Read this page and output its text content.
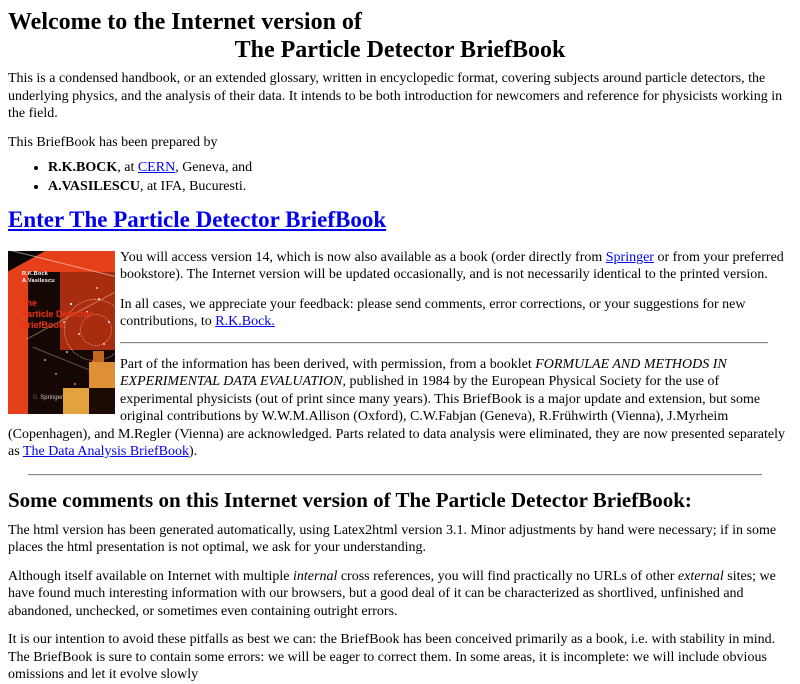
Welcome to the Internet version of
The Particle Detector BriefBook

This is a condensed handbook, or an extended glossary, written in encyclopedic format, covering subjects around particle detectors, the underlying physics, and the analysis of their data. It intends to be both introduction for newcomers and reference for physicists working in the field.

This BriefBook has been prepared by

• R.K.BOCK, at CERN, Geneva, and
• A.VASILESCU, at IFA, Bucuresti.
Enter The Particle Detector BriefBook
R.K.Bock
A.Vasilescu
The
Particle Detector
BriefBook
♘ Springer

You will access version 14, which is now also available as a book (order directly from Springer or from your preferred bookstore). The Internet version will be updated occasionally, and is not necessarily identical to the printed version.

In all cases, we appreciate your feedback: please send comments, error corrections, or your suggestions for new contributions, to R.K.Bock.

Part of the information has been derived, with permission, from a booklet FORMULAE AND METHODS IN EXPERIMENTAL DATA EVALUATION, published in 1984 by the European Physical Society for the use of experimental physicists (out of print since many years). This BriefBook is a major update and extension, but some original contributions by W.W.M.Allison (Oxford), C.W.Fabjan (Geneva), R.Frühwirth (Vienna), J.Myrheim (Copenhagen), and M.Regler (Vienna) are acknowledged. Parts related to data analysis were eliminated, they are now presented separately as The Data Analysis BriefBook).

Some comments on this Internet version of The Particle Detector BriefBook:

The html version has been generated automatically, using Latex2html version 3.1. Minor adjustments by hand were necessary; if in some places the html presentation is not optimal, we ask for your understanding.

Although itself available on Internet with multiple internal cross references, you will find practically no URLs of other external sites; we have found much interesting information with our browsers, but a good deal of it can be characterized as shortlived, unfinished and abandoned, unchecked, or sometimes even containing outright errors.

It is our intention to avoid these pitfalls as best we can: the BriefBook has been conceived primarily as a book, i.e. with stability in mind. The BriefBook is sure to contain some errors: we will be eager to correct them. In some areas, it is incomplete: we will include obvious omissions and let it evolve slowly
